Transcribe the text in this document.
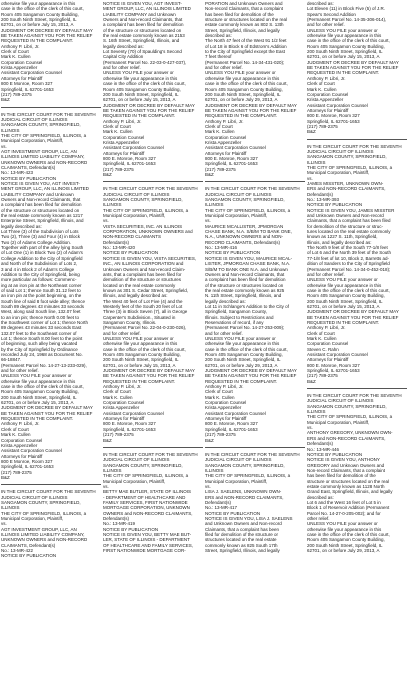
otherwise file your appearance in this
case in the office of the clerk of this court,
Room 405 Sangamon County Building,
200 South Ninth Street, Springfield, IL
62701, on or before July 15, 2013, A
JUDGMENT OR DECREE BY DEFAULT MAY
BE TAKEN AGAINST YOU FOR THE RELIEF
REQUESTED IN THE COMPLAINT.
Anthony P. Libri, Jr.
Clerk of Court
Mark K. Cullen
Corporation Counsel
Krista Appenzeller
Assistant Corporation Counsel
Attorneys for Plaintiff
800 E Monroe, Room 327
Springfield, IL 62701-1653
(217) 789-2375
B&Z
IN THE CIRCUIT COURT FOR THE SEVENTH
JUDICIAL CIRCUIT OF ILLINOIS
SANGAMON COUNTY, SPRINGFIELD,
ILLINOIS
THE CITY OF SPRINGFIELD, ILLINOIS, a
Municipal Corporation, Plaintiff,
vs.
AGT INVESTMENT GROUP, LLC, AN
ILLINOIS LIMITED LIABILITY COMPANY,
UNKNOWN OWNERS and NON-RECORD
CLAIMANTS, Defendant(s)
No.: 13-MR-423
NOTICE BY PUBLICATION
NOTICE IS GIVEN YOU, AGT INVEST-
MENT GROUP, LLC, AN ILLINOIS LIMITED
LIABILITY COMPANY and Unknown
Owners and Non-record Claimants, that
a complaint has been filed for demolition
of the structure or structures located on
the real estate commonly known as 1217
Enterprise Street, Springfield, Illinois, and
legally described as:
Lot Three (3) of the Subdivision of Lots
Two (2), Three (3) and Four (4) in Block
Two (2) of Adams College Addition.
Together with part of the alley lying South
of Lot One (1) in Block Two (2) of Adam's
College Addition to the City of Springfield
and North of the Subdivision of Lots 2,
3 and 4 in Block 2 of Adam's College
Addition to the City of Springfield, being
more particular as follows: Commenc-
ing at an iron pin at the Northeast corner
of said Lot 1; thence South 31.12 feet to
an iron pin at the point beginning, on the
South line of said 8 foot wide alley; thence
South 89 degrees 43 minutes 33 seconds
West, along said South line, 132.07 feet
to an iron pin; thence North 0.00 feet to
the Southwest corner of Lot 1; thence North
89 degrees 43 minutes 33 seconds East
132.07 feet to the Southeast corner of
Lot 1; thence South 8.00 feet to the point
of beginning, such alley being vacated
by the City of Springfield by Ordinance
recorded July 24, 1968 as Document No.
66-18847.
(Permanent Parcel No. 14-27-13-233-029),
and for other relief.
UNLESS YOU FILE your answer or
otherwise file your appearance in this
case in the office of the clerk of this court,
Room 405 Sangamon County Building,
200 South Ninth Street, Springfield, IL
62701, on or before July 15, 2013, A
JUDGMENT OR DECREE BY DEFAULT MAY
BE TAKEN AGAINST YOU FOR THE RELIEF
REQUESTED IN THE COMPLAINT.
Anthony P. Libri, Jr.
Clerk of Court
Mark K. Cullen
Corporation Counsel
Krista Appenzeller
Assistant Corporation Counsel
Attorneys for Plaintiff
800 E Monroe, Room 327
Springfield, IL 62701-1653
(217) 789-2375
B&Z
IN THE CIRCUIT COURT FOR THE SEVENTH
JUDICIAL CIRCUIT OF ILLINOIS
SANGAMON COUNTY, SPRINGFIELD,
ILLINOIS
THE CITY OF SPRINGFIELD, ILLINOIS, a
Municipal Corporation, Plaintiff,
vs.
AGT INVESTMENT GROUP, LLC, AN
ILLINOIS LIMITED LIABILITY COMPANY,
UNKNOWN OWNERS and NON-RECORD
CLAIMANTS, Defendant(s)
No.: 13-MR-422
NOTICE BY PUBLICATION
NOTICE IS GIVEN YOU, AGT INVEST-
MENT GROUP, LLC, AN ILLINOIS LIMITED
LIABILITY COMPANY and Unknown
Owners and Non-record Claimants, that
a complaint has been filed for demolition
of the structure or structures located on
the real estate commonly known as 2153
S. 16th Street, Springfield, Illinois, and
legally described as:
Lot Seventy (70) of Spaulding's Second
Capital City Addition
(Permanent Parcel No. 22-03-0-427-037),
and for other relief.
UNLESS YOU FILE your answer or
otherwise file your appearance in this
case in the office of the clerk of this court,
Room 405 Sangamon County Building,
200 South Ninth Street, Springfield, IL
62701, on or before July 15, 2013, A
JUDGMENT OR DECREE BY DEFAULT MAY
BE TAKEN AGAINST YOU FOR THE RELIEF
REQUESTED IN THE COMPLAINT.
Anthony P. Libri, Jr.
Clerk of Court
Mark K. Cullen
Corporation Counsel
Krista Appenzeller
Assistant Corporation Counsel
Attorneys for Plaintiff
800 E. Monroe, Room 327
Springfield, IL 62701-1653
(217) 789-2375
B&Z
IN THE CIRCUIT COURT FOR THE SEVENTH
JUDICIAL CIRCUIT OF ILLINOIS
SANGAMON COUNTY, SPRINGFIELD,
ILLINOIS
THE CITY OF SPRINGFIELD, ILLINOIS, a
Municipal Corporation, Plaintiff,
vs.
VISTA SECURITIES, INC. AN ILLINOIS
CORPORATION, UNKNOWN OWNERS and
NON-RECORD CLAIMANTS
Defendant(s)
No.: 13-MR-420
NOTICE BY PUBLICATION
NOTICE IS GIVEN YOU, VISTA SECURITIES,
INC., AN ILLINOIS CORPORATION and
Unknown Owners and Non-record Claim-
ants, that a complaint has been filed for
demolition of the structure or structures
located on the real estate commonly
known as 301 S. Cedar Street, Springfield,
Illinois, and legally described as:
The West 40 feet of Lot Five (4) and the
Westerly feet of the South 20 feet of Lot
Three (3) in Block Seven (7), all in George
Carpenter's Subdivision., Situated in
Sangamon County, Illinois.
(Permanent Parcel No. 22-04-0-230-026),
and for other relief.
UNLESS YOU FILE your answer or
otherwise file your appearance in this
case in the office of the clerk of this court,
Room 405 Sangamon County Building,
200 South Ninth Street, Springfield, IL
62701, on or before July 15, 2013, A
JUDGMENT OR DECREE BY DEFAULT MAY
BE TAKEN AGAINST YOU FOR THE RELIEF
REQUESTED IN THE COMPLAINT.
Anthony P. Libri, Jr.
Clerk of Court
Mark K. Cullen
Corporation Counsel
Krista Appenzeller
Assistant Corporation Counsel
Attorneys for Plaintiff
800 E. Monroe, Room 327
Springfield, IL 62701-1653
(217) 789-2375
B&Z
IN THE CIRCUIT COURT FOR THE SEVENTH
JUDICIAL CIRCUIT OF ILLINOIS
SANGAMON COUNTY, SPRINGFIELD,
ILLINOIS
THE CITY OF SPRINGFIELD, ILLINOIS, a
Municipal Corporation, Plaintiff,
vs.
BETTY MAE BUTLER, STATE OF ILLINOIS
- DEPARTMENT OF HEALTHCARE AND
FAMILY SERVICES, FIRST NATIONWIDE
MORTGAGE CORPORATION, UNKNOWN
OWNERS and NON-RECORD CLAIMANTS,
Defendant(s)
No.: 13-MR-419
NOTICE BY PUBLICATION
NOTICE IS GIVEN YOU, BETTY MAE BUT-
LER, STATE OF ILLINOIS - DEPARTMENT
OF HEALTHCARE AND FAMILY SERVICES,
FIRST NATIONWIDE MORTGAGE COR-
PORATION and Unknown Owners and
Non-record Claimants, that a complaint
has been filed for demolition of the
structure or structures located on the real
estate commonly known as 802 S. 13th
Street, Springfield, Illinois, and legally
described as:
The North 47 feet of the West 91 1/2 feet
of Lot 18 in Block 6 of Edstrom's Addition
to the City of Springfield except the East
7 feet thereof
(Permanent Parcel No. 14-34-431-020);
and for other relief.
UNLESS YOU FILE your answer or
otherwise file your appearance in this
case in the office of the clerk of this court,
Room 405 Sangamon County Building,
200 South Ninth Street, Springfield, IL
62701, on or before July 29, 2013, A
JUDGMENT OR DECREE BY DEFAULT MAY
BE TAKEN AGAINST YOU FOR THE RELIEF
REQUESTED IN THE COMPLAINT.
Anthony P. Libri, Jr.
Clerk of Court
Mark K. Cullen
Corporation Counsel
Krista Appenzeller
Assistant Corporation Counsel
Attorneys for Plaintiff
800 E. Monroe, Room 327
Springfield, IL 62701-1653
(217) 789-2375
B&Z
IN THE CIRCUIT COURT FOR THE SEVENTH
JUDICIAL CIRCUIT OF ILLINOIS
SANGAMON COUNTY, SPRINGFIELD,
ILLINOIS
THE CITY OF SPRINGFIELD, ILLINOIS, a
Municipal Corporation, Plaintiff,
vs.
MAURICE MCALLISTER, JPMORGAN
CHASE BANK, N.A. S/B/M TO BANK ONE,
N.A., UNKNOWN OWNERS and NON-
RECORD CLAIMANTS, Defendant(s)
No.: 13-MR-416
NOTICE BY PUBLICATION
NOTICE IS GIVEN YOU, MAURICE MCAL-
LISTER, JPMORGAN CHASE BANK, N.A.
S/B/M TO BANK ONE N.A. and Unknown
Owners and Non-record Claimants, that
a complaint has been filed for demolition
of the structure or structures located on
the real estate commonly known as 925
N. 11th Street, Springfield, Illinois, and
legally described as:
Lot 11 in Schlange's Addition to the City of
Springfield, Sangamon County,
Illinois. Subject to Restrictions and
Reservations of record, if any
(Permanent Parcel No. 14-27-253-009);
and for other relief.
UNLESS YOU FILE your answer or
otherwise file your appearance in this
case in the office of the clerk of this court,
Room 405 Sangamon County Building,
200 South Ninth Street, Springfield, IL
62701, on or before July 29, 2013, A
JUDGMENT OR DECREE BY DEFAULT MAY
BE TAKEN AGAINST YOU FOR THE RELIEF
REQUESTED IN THE COMPLAINT.
Anthony P. Libri, Jr.
Clerk of Court
Mark K. Cullen
Corporation Counsel
Krista Appenzeller
Assistant Corporation Counsel
Attorneys for Plaintiff
800 E. Monroe, Room 327
Springfield, IL 62701-1653
(217) 789-2375
B&Z
IN THE CIRCUIT COURT FOR THE SEVENTH
JUDICIAL CIRCUIT OF ILLINOIS
SANGAMON COUNTY, SPRINGFIELD,
ILLINOIS
THE CITY OF SPRINGFIELD, ILLINOIS, a
Municipal Corporation, Plaintiff,
vs.
LISA J. SAELENS, UNKNOWN OWN-
ERS and NON-RECORD CLAIMANTS,
Defendant(s)
No.: 13-MR-417
NOTICE BY PUBLICATION
NOTICE IS GIVEN YOU, LISA J. SAELENS
and Unknown Owners and Non-record
Claimants, that a complaint has been
filed for demolition of the structure or
structures located on the real estate
commonly known as 825 South 17th
Street, Springfield, Illinois, and legally
described as:
Lot Eleven (11) in Block Five (5) of J.R.
Spear's Second Addition
(Permanent Parcel No. 14-35-306-014),
and for other relief.
UNLESS YOU FILE your answer or
otherwise file your appearance in this
case in the office of the clerk of this court,
Room 405 Sangamon County Building,
200 South Ninth Street, Springfield, IL
62701, on or before July 15, 2013, A
JUDGMENT OR DECREE BY DEFAULT MAY
BE TAKEN AGAINST YOU FOR THE RELIEF
REQUESTED IN THE COMPLAINT.
Anthony P. Libri, Jr.
Clerk of Court
Mark K. Cullen
Corporation Counsel
Krista Appenzeller
Assistant Corporation Counsel
Attorneys for Plaintiff
800 E. Monroe, Room 327
Springfield, IL 62701-1653
(217) 789-2375
B&Z
IN THE CIRCUIT COURT FOR THE SEVENTH
JUDICIAL CIRCUIT OF ILLINOIS
SANGAMON COUNTY, SPRINGFIELD,
ILLINOIS
THE CITY OF SPRINGFIELD, ILLINOIS, a
Municipal Corporation, Plaintiff,
vs.
JAMES MISSTER, UNKNOWN OWN-
ERS and NON-RECORD CLAIMANTS,
Defendant(s)
No.: 13-MR-393
NOTICE BY PUBLICATION
NOTICE IS GIVEN YOU, JAMES MISSTER
and Unknown Owners and Non-record
Claimants, that a complaint has been filed
for demolition of the structure or struc-
tures located on the real estate commonly
known as 1227 S. 11th, Springfield,
Illinois, and legally described as:
The North 9 feet of the South 77-1/8 feet
of Lot 6 and the North 39 feet of the South
77-1/8 feet of lot 10, Block 2, Barretts ad-
dition of Sanders to the City of Springfield
(Permanent Parcel No. 14-34-0-452-018);
and for other relief.
UNLESS YOU FILE your answer or
otherwise file your appearance in this
case in the office of the clerk of this court,
Room 405 Sangamon County Building,
200 South Ninth Street, Springfield, IL
62701, on or before July 15, 2013, A
JUDGMENT OR DECREE BY DEFAULT MAY
BE TAKEN AGAINST YOU FOR THE RELIEF
REQUESTED IN THE COMPLAINT.
Anthony P. Libri, Jr.
Clerk of Court
Mark K. Cullen
Corporation Counsel
Steven C. Rahn
Assistant Corporation Counsel
Attorneys for Plaintiff
800 E. Monroe, Room 327
Springfield, IL 62701-1653
(217) 789-2375
B&Z
IN THE CIRCUIT COURT FOR THE SEVENTH
JUDICIAL CIRCUIT OF ILLINOIS
SANGAMON COUNTY, SPRINGFIELD,
ILLINOIS
THE CITY OF SPRINGFIELD, ILLINOIS, a
Municipal Corporation, Plaintiff,
vs.
ANTHONY GREGORY, UNKNOWN OWN-
ERS and NON-RECORD CLAIMANTS,
Defendant(s)
No.: 13-MR-446
NOTICE BY PUBLICATION
NOTICE IS GIVEN YOU, ANTHONY
GREGORY and Unknown Owners and
Non-record Claimants, that a complaint
has been filed for demolition of the
structure or structures located on the real
estate commonly known as 1128 North
Grand East, Springfield, Illinois, and legally
described as:
Lot 6 and the West 16 feet of Lot 5 in
Block 1 of Reservoir Addition (Permanent
Parcel No. 14-27-0-205-002); and for
other relief.
UNLESS YOU FILE your answer or
otherwise file your appearance in this
case in the office of the clerk of this court,
Room 405 Sangamon County Building,
200 South Ninth Street, Springfield, IL
62701, on or before July 29, 2013, A
